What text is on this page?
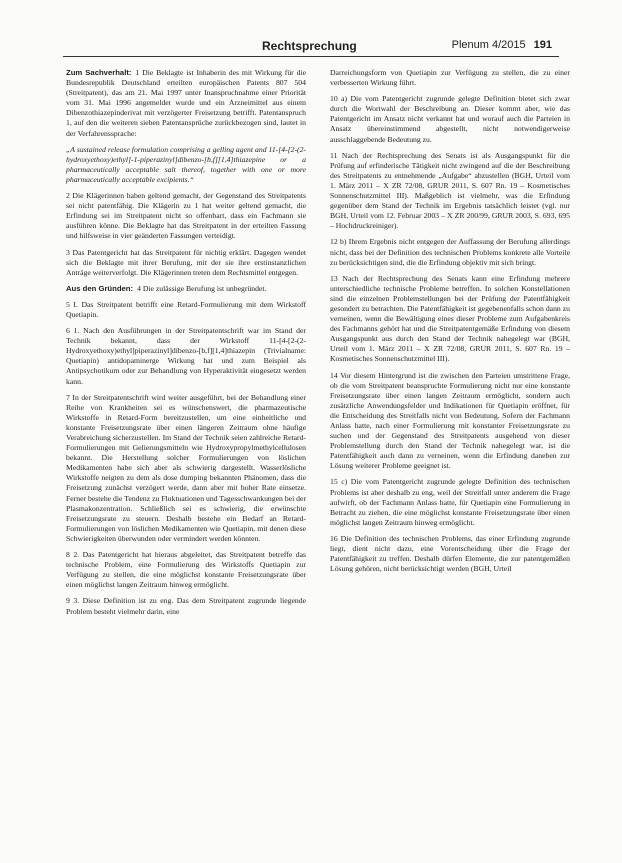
Rechtsprechung	Plenum 4/2015 191

Zum Sachverhalt: 1 Die Beklagte ist Inhaberin des mit Wirkung für die Bundesrepublik Deutschland erteilten europäischen Patents 807 504 (Streitpatent), das am 21. Mai 1997 unter Inanspruchnahme einer Priorität vom 31. Mai 1996 angemeldet wurde und ein Arzneimittel aus einem Dibenzothiazepinderivat mit verzögerter Freisetzung betrifft. Patentanspruch 1, auf den die weiteren sieben Patentansprüche zurückbezogen sind, lautet in der Verfahrenssprache:

„A sustained release formulation comprising a gelling agent and 11-[4-[2-(2-hydroxyethoxy)ethyl]-1-piperazinyl]dibenzo-[b,f][1,4]thiazepine or a pharmaceutically acceptable salt thereof, together with one or more pharmaceutically acceptable excipients.“

2 Die Klägerinnen haben geltend gemacht, der Gegenstand des Streitpatents sei nicht patentfähig. Die Klägerin zu 1 hat weiter geltend gemacht, die Erfindung sei im Streitpatent nicht so offenbart, dass ein Fachmann sie ausführen könne. Die Beklagte hat das Streitpatent in der erteilten Fassung und hilfsweise in vier geänderten Fassungen verteidigt.

3 Das Patentgericht hat das Streitpatent für nichtig erklärt. Dagegen wendet sich die Beklagte mit ihrer Berufung, mit der sie ihre erstinstanzlichen Anträge weiterverfolgt. Die Klägerinnen treten dem Rechtsmittel entgegen.

Aus den Gründen: 4 Die zulässige Berufung ist unbegründet.

5 I. Das Streitpatent betrifft eine Retard-Formulierung mit dem Wirkstoff Quetiapin.

6 1. Nach den Ausführungen in der Streitpatentschrift war im Stand der Technik bekannt, dass der Wirkstoff 11-[4-[2-(2-Hydroxyethoxy)ethyl]piperazinyl]dibenzo-[b,f][1,4]thiazepin (Trivialname: Quetiapin) antidopaminerge Wirkung hat und zum Beispiel als Antipsychotikum oder zur Behandlung von Hyperaktivität eingesetzt werden kann.

7 In der Streitpatentschrift wird weiter ausgeführt, bei der Behandlung einer Reihe von Krankheiten sei es wünschenswert, die pharmazeutische Wirkstoffe in Retard-Form bereitzustellen, um eine einheitliche und konstante Freisetzungsrate über einen längeren Zeitraum ohne häufige Verabreichung sicherzustellen. Im Stand der Technik seien zahlreiche Retard-Formulierungen mit Gelierungsmitteln wie Hydroxypropylmethylcellulosen bekannt. Die Herstellung solcher Formulierungen von löslichen Medikamenten habe sich aber als schwierig dargestellt. Wasserlösliche Wirkstoffe neigten zu dem als dose dumping bekannten Phänomen, dass die Freisetzung zunächst verzögert werde, dann aber mit hoher Rate einsetze. Ferner bestehe die Tendenz zu Fluktuationen und Tagesschwankungen bei der Plasmakonzentration. Schließlich sei es schwierig, die erwünschte Freisetzungsrate zu steuern. Deshalb bestehe ein Bedarf an Retard-Formulierungen von löslichen Medikamenten wie Quetiapin, mit denen diese Schwierigkeiten überwunden oder vermindert werden könnten.

8 2. Das Patentgericht hat hieraus abgeleitet, das Streitpatent betreffe das technische Problem, eine Formulierung des Wirkstoffs Quetiapin zur Verfügung zu stellen, die eine möglichst konstante Freisetzungsrate über einen möglichst langen Zeitraum hinweg ermöglicht.

9 3. Diese Definition ist zu eng. Das dem Streitpatent zugrunde liegende Problem besteht vielmehr darin, eine

Darreichungsform von Quetiapin zur Verfügung zu stellen, die zu einer verbesserten Wirkung führt.

10 a) Die vom Patentgericht zugrunde gelegte Definition bietet sich zwar durch die Wortwahl der Beschreibung an. Dieser kommt aber, wie das Patentgericht im Ansatz nicht verkannt hat und worauf auch die Parteien in Ansatz übereinstimmend abgestellt, nicht notwendigerweise ausschlaggebende Bedeutung zu.

11 Nach der Rechtsprechung des Senats ist als Ausgangspunkt für die Prüfung auf erfinderische Tätigkeit nicht zwingend auf die der Beschreibung des Streitpatents zu entnehmende „Aufgabe“ abzustellen (BGH, Urteil vom 1. März 2011 – X ZR 72/08, GRUR 2011, S. 607 Rn. 19 – Kosmetisches Sonnenschutzmittel III). Maßgeblich ist vielmehr, was die Erfindung gegenüber dem Stand der Technik im Ergebnis tatsächlich leistet (vgl. nur BGH, Urteil vom 12. Februar 2003 – X ZR 200/99, GRUR 2003, S. 693, 695 – Hochdruckreiniger).

12 b) Ihrem Ergebnis nicht entgegen der Auffassung der Berufung allerdings nicht, dass bei der Definition des technischen Problems konkrete alle Vorteile zu berücksichtigen sind, die die Erfindung objektiv mit sich bringt.

13 Nach der Rechtsprechung des Senats kann eine Erfindung mehrere unterschiedliche technische Probleme betreffen. In solchen Konstellationen sind die einzelnen Problemstellungen bei der Prüfung der Patentfähigkeit gesondert zu betrachten. Die Patentfähigkeit ist gegebenenfalls schon dann zu verneinen, wenn die Bewältigung eines dieser Probleme zum Aufgabenkreis des Fachmanns gehört hat und die Streitpatentgemäße Erfindung von diesem Ausgangspunkt aus durch den Stand der Technik nahegelegt war (BGH, Urteil vom 1. März 2011 – X ZR 72/08, GRUR 2011, S. 607 Rn. 19 – Kosmetisches Sonnenschutzmittel III).

14 Vor diesem Hintergrund ist die zwischen den Parteien umstrittene Frage, ob die vom Streitpatent beanspruchte Formulierung nicht nur eine konstante Freisetzungsrate über einen langen Zeitraum ermöglicht, sondern auch zusätzliche Anwendungsfelder und Indikationen für Quetiapin eröffnet, für die Entscheidung des Streitfalls nicht von Bedeutung. Sofern der Fachmann Anlass hatte, nach einer Formulierung mit konstanter Freisetzungsrate zu suchen und der Gegenstand des Streitpatents ausgehend von dieser Problemstellung durch den Stand der Technik nahegelegt war, ist die Patentfähigkeit auch dann zu verneinen, wenn die Erfindung daneben zur Lösung weiterer Probleme geeignet ist.

15 c) Die vom Patentgericht zugrunde gelegte Definition des technischen Problems ist aber deshalb zu eng, weil der Streitfall unter anderem die Frage aufwirft, ob der Fachmann Anlass hatte, für Quetiapin eine Formulierung in Betracht zu ziehen, die eine möglichst konstante Freisetzungsrate über einen möglichst langen Zeitraum hinweg ermöglicht.

16 Die Definition des technischen Problems, das einer Erfindung zugrunde liegt, dient nicht dazu, eine Vorentscheidung über die Frage der Patentfähigkeit zu treffen. Deshalb dürfen Elemente, die zur patentgemäßen Lösung gehören, nicht berücksichtigt werden (BGH, Urteil
